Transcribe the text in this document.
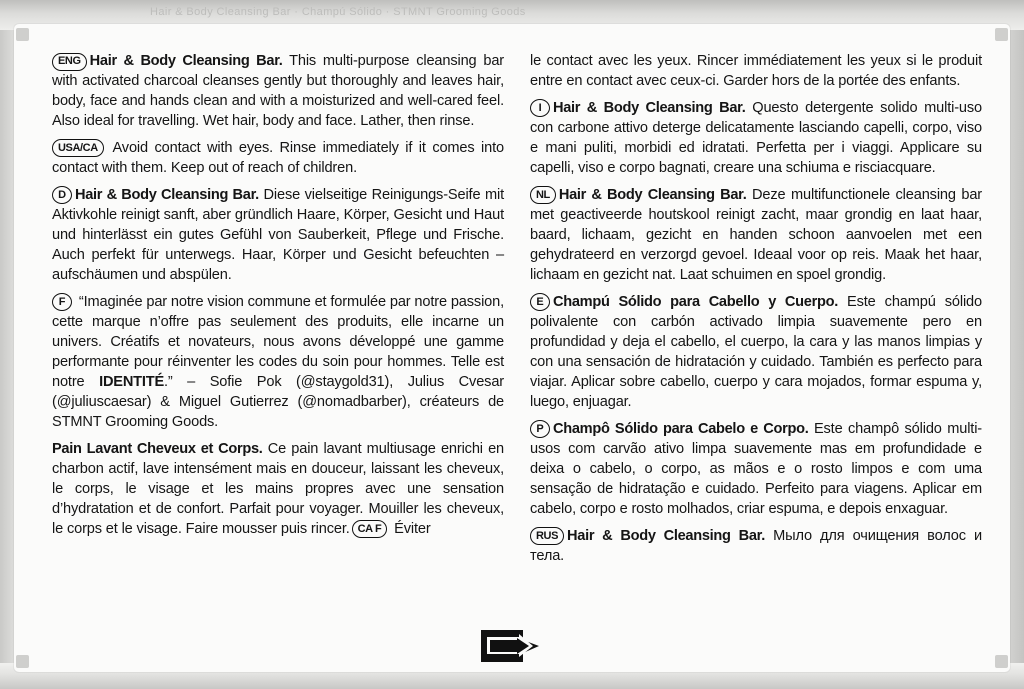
Hair & Body Cleansing Bar · Champú Sólido · STMNT Grooming Goods

ENG Hair & Body Cleansing Bar. This multi-purpose cleansing bar with activated charcoal cleanses gently but thoroughly and leaves hair, body, face and hands clean and with a moisturized and well-cared feel. Also ideal for travelling. Wet hair, body and face. Lather, then rinse.

USA/CA Avoid contact with eyes. Rinse immediately if it comes into contact with them. Keep out of reach of children.

D Hair & Body Cleansing Bar. Diese vielseitige Reinigungs-Seife mit Aktivkohle reinigt sanft, aber gründlich Haare, Körper, Gesicht und Haut und hinterlässt ein gutes Gefühl von Sauberkeit, Pflege und Frische. Auch perfekt für unterwegs. Haar, Körper und Gesicht befeuchten – aufschäumen und abspülen.

F “Imaginée par notre vision commune et formulée par notre passion, cette marque n’offre pas seulement des produits, elle incarne un univers. Créatifs et novateurs, nous avons développé une gamme performante pour réinventer les codes du soin pour hommes. Telle est notre IDENTITÉ.” – Sofie Pok (@staygold31), Julius Cvesar (@juliuscaesar) & Miguel Gutierrez (@nomadbarber), créateurs de STMNT Grooming Goods.

Pain Lavant Cheveux et Corps. Ce pain lavant multiusage enrichi en charbon actif, lave intensément mais en douceur, laissant les cheveux, le corps, le visage et les mains propres avec une sensation d’hydratation et de confort. Parfait pour voyager. Mouiller les cheveux, le corps et le visage. Faire mousser puis rincer. CA F Éviter

le contact avec les yeux. Rincer immédiatement les yeux si le produit entre en contact avec ceux-ci. Garder hors de la portée des enfants.

I Hair & Body Cleansing Bar. Questo detergente solido multi-uso con carbone attivo deterge delicatamente lasciando capelli, corpo, viso e mani puliti, morbidi ed idratati. Perfetta per i viaggi. Applicare su capelli, viso e corpo bagnati, creare una schiuma e risciacquare.

NL Hair & Body Cleansing Bar. Deze multifunctionele cleansing bar met geactiveerde houtskool reinigt zacht, maar grondig en laat haar, baard, lichaam, gezicht en handen schoon aanvoelen met een gehydrateerd en verzorgd gevoel. Ideaal voor op reis. Maak het haar, lichaam en gezicht nat. Laat schuimen en spoel grondig.

E Champú Sólido para Cabello y Cuerpo. Este champú sólido polivalente con carbón activado limpia suavemente pero en profundidad y deja el cabello, el cuerpo, la cara y las manos limpias y con una sensación de hidratación y cuidado. También es perfecto para viajar. Aplicar sobre cabello, cuerpo y cara mojados, formar espuma y, luego, enjuagar.

P Champô Sólido para Cabelo e Corpo. Este champô sólido multi-usos com carvão ativo limpa suavemente mas em profundidade e deixa o cabelo, o corpo, as mãos e o rosto limpos e com uma sensação de hidratação e cuidado. Perfeito para viagens. Aplicar em cabelo, corpo e rosto molhados, criar espuma, e depois enxaguar.

RUS Hair & Body Cleansing Bar. Мыло для очищения волос и тела.
